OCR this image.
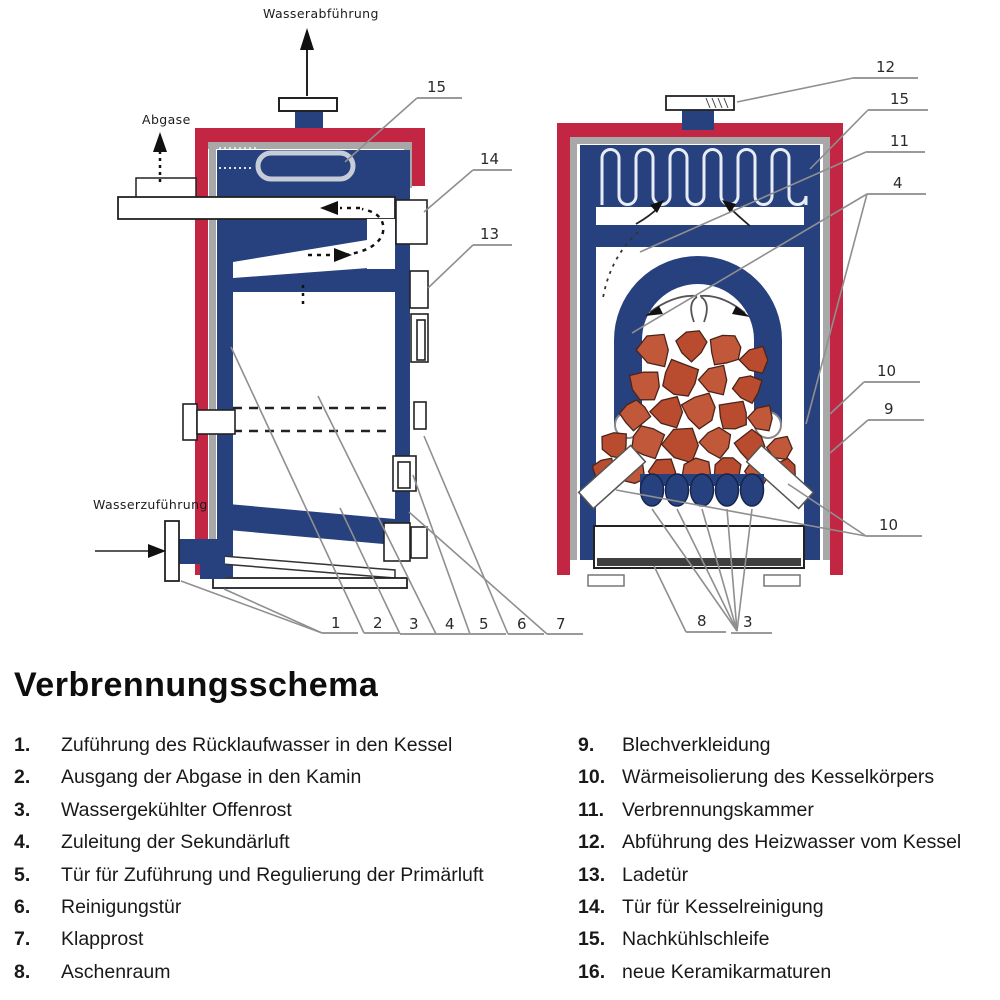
15
14
13
1 2 3 4 5 6 7
Wasserabführung
Abgase
Wasserzuführung
12
15
11
4
10
9
10
8 3
Verbrennungsschema
1.	Zuführung des Rücklaufwasser in den Kessel
2.	Ausgang der Abgase in den Kamin
3.	Wassergekühlter Offenrost
4.	Zuleitung der Sekundärluft
5.	Tür für Zuführung und Regulierung der Primärluft
6.	Reinigungstür
7.	Klapprost
8.	Aschenraum
9.	Blechverkleidung
10. Wärmeisolierung des Kesselkörpers
11. Verbrennungskammer
12. Abführung des Heizwasser vom Kessel
13. Ladetür
14. Tür für Kesselreinigung
15. Nachkühlschleife
16. neue Keramikarmaturen
